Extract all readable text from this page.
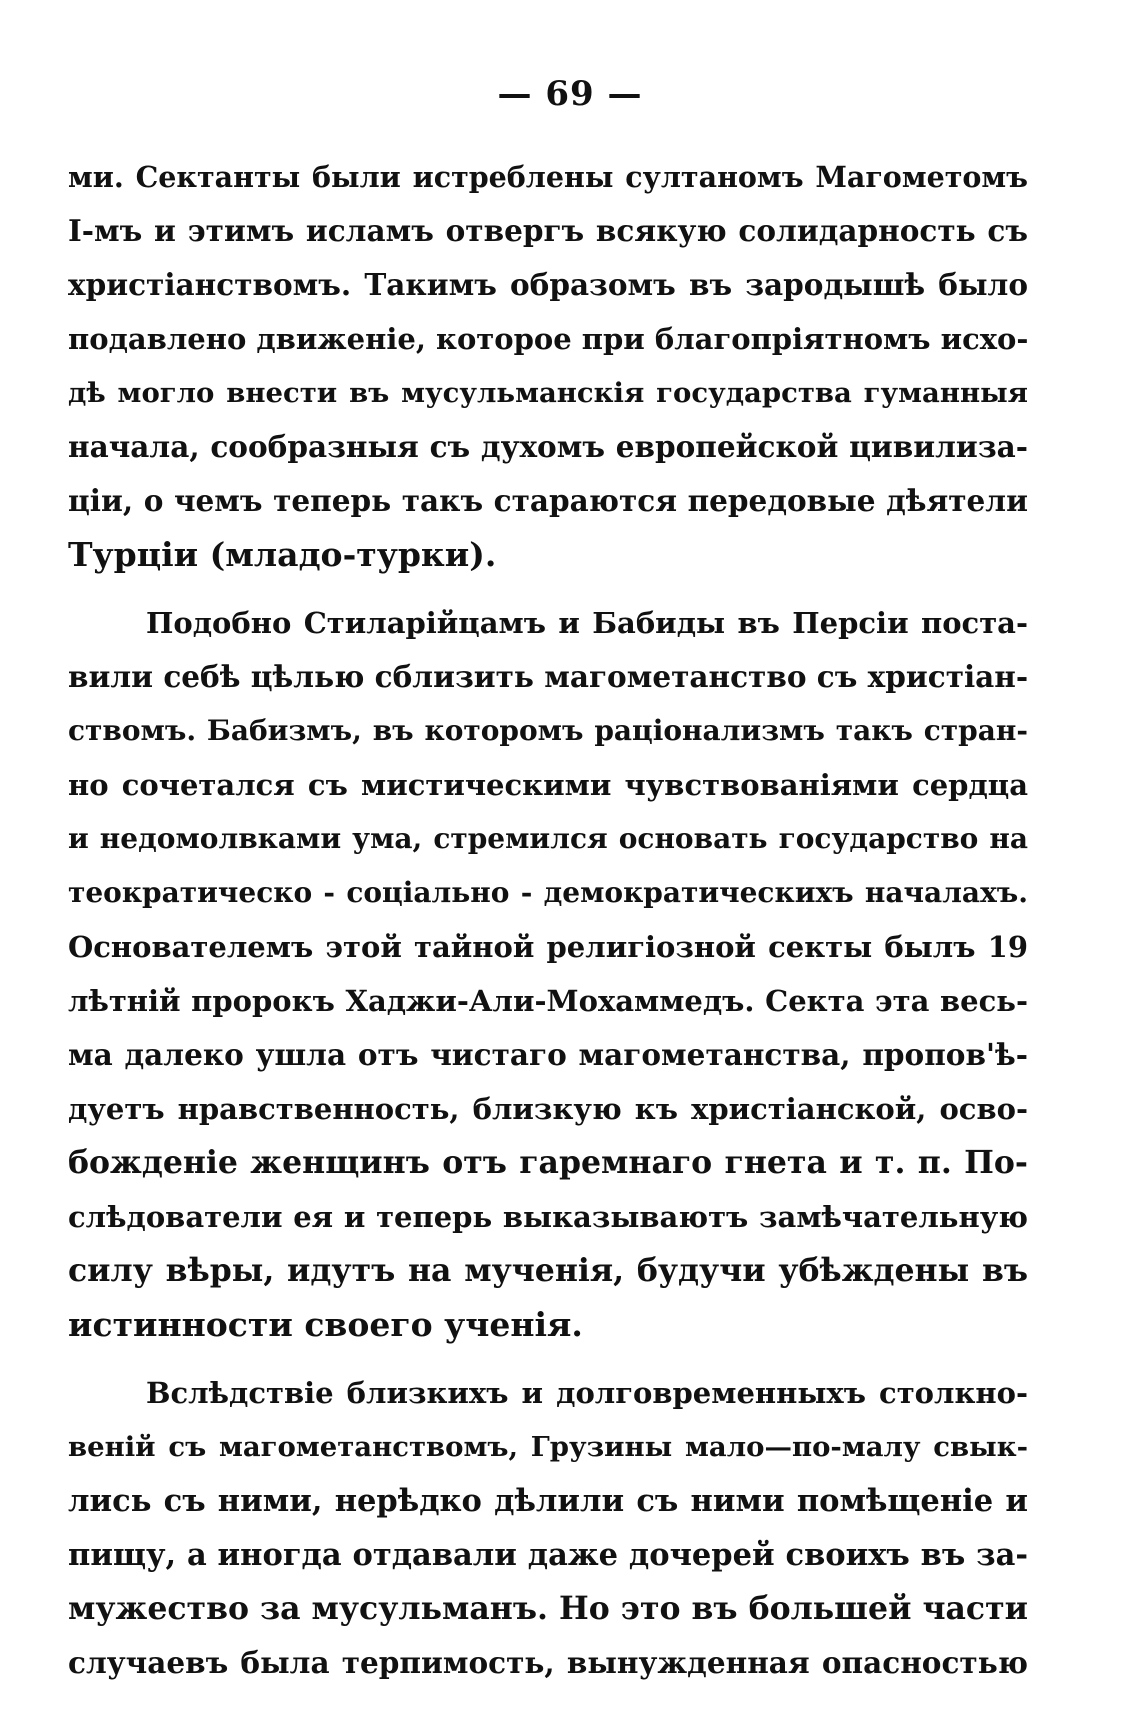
— 69 —
ми. Сектанты были истреблены султаномъ Магометомъ
І-мъ и этимъ исламъ отвергъ всякую солидарность съ
христіанствомъ. Такимъ образомъ въ зародышѣ было
подавлено движеніе, которое при благопріятномъ исхо-
дѣ могло внести въ мусульманскія государства гуманныя
начала, сообразныя съ духомъ европейской цивилиза-
ціи, о чемъ теперь такъ стараются передовые дѣятели
Турціи (младо-турки).
Подобно Стиларійцамъ и Бабиды въ Персіи поста-
вили себѣ цѣлью сблизить магометанство съ христіан-
ствомъ. Бабизмъ, въ которомъ раціонализмъ такъ стран-
но сочетался съ мистическими чувствованіями сердца
и недомолвками ума, стремился основать государство на
теократическо - соціально - демократическихъ началахъ.
Основателемъ этой тайной религіозной секты былъ 19
лѣтній пророкъ Хаджи-Али-Мохаммедъ. Секта эта весь-
ма далеко ушла отъ чистаго магометанства, пропов'ѣ-
дуетъ нравственность, близкую къ христіанской, осво-
божденіе женщинъ отъ гаремнаго гнета и т. п. По-
слѣдователи ея и теперь выказываютъ замѣчательную
силу вѣры, идутъ на мученія, будучи убѣждены въ
истинности своего ученія.
Вслѣдствіе близкихъ и долговременныхъ столкно-
веній съ магометанствомъ, Грузины мало—по-малу свык-
лись съ ними, нерѣдко дѣлили съ ними помѣщеніе и
пищу, а иногда отдавали даже дочерей своихъ въ за-
мужество за мусульманъ. Но это въ большей части
случаевъ была терпимость, вынужденная опасностью
